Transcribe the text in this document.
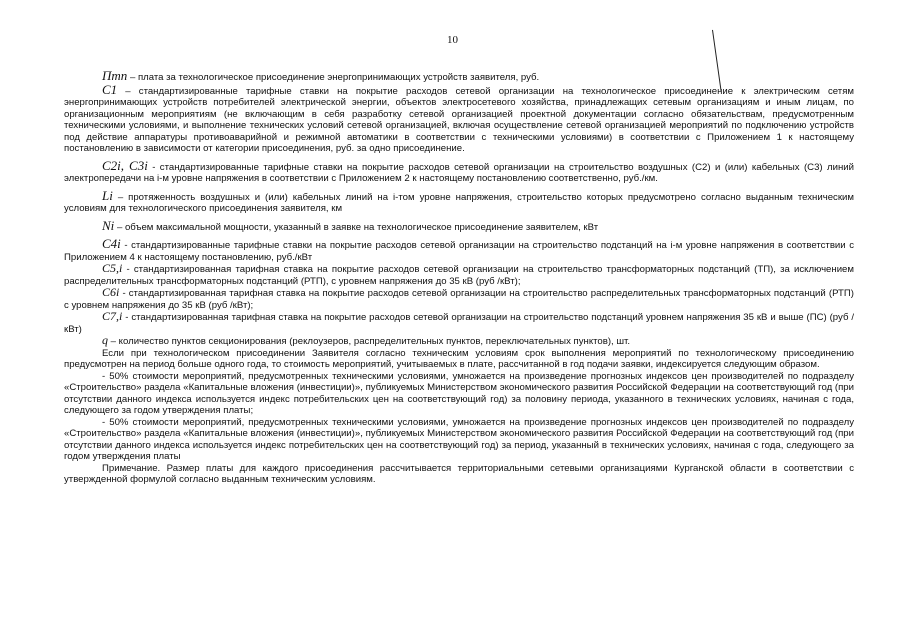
10

Птп – плата за технологическое присоединение энергопринимающих устройств заявителя, руб.

C1 – стандартизированные тарифные ставки на покрытие расходов сетевой организации на технологическое присоединение к электрическим сетям энергопринимающих устройств потребителей электрической энергии, объектов электросетевого хозяйства, принадлежащих сетевым организациям и иным лицам, по организационным мероприятиям (не включающим в себя разработку сетевой организацией проектной документации согласно обязательствам, предусмотренным техническими условиями, и выполнение технических условий сетевой организацией, включая осуществление сетевой организацией мероприятий по подключению устройств под действие аппаратуры противоаварийной и режимной автоматики в соответствии с техническими условиями) в соответствии с Приложением 1 к настоящему постановлению в зависимости от категории присоединения, руб. за одно присоединение.

C2i, C3i - стандартизированные тарифные ставки на покрытие расходов сетевой организации на строительство воздушных (С2) и (или) кабельных (С3) линий электропередачи на i-м уровне напряжения в соответствии с Приложением 2 к настоящему постановлению соответственно, руб./км.

Li – протяженность воздушных и (или) кабельных линий на i-том уровне напряжения, строительство которых предусмотрено согласно выданным техническим условиям для технологического присоединения заявителя, км

Ni – объем максимальной мощности, указанный в заявке на технологическое присоединение заявителем, кВт

C4i - стандартизированные тарифные ставки на покрытие расходов сетевой организации на строительство подстанций на i-м уровне напряжения в соответствии с Приложением 4 к настоящему постановлению, руб./кВт

C5,i - стандартизированная тарифная ставка на покрытие расходов сетевой организации на строительство трансформаторных подстанций (ТП), за исключением распределительных трансформаторных подстанций (РТП), с уровнем напряжения до 35 кВ (руб /кВт);

C6i - стандартизированная тарифная ставка на покрытие расходов сетевой организации на строительство распределительных трансформаторных подстанций (РТП) с уровнем напряжения до 35 кВ (руб /кВт);

C7,i - стандартизированная тарифная ставка на покрытие расходов сетевой организации на строительство подстанций уровнем напряжения 35 кВ и выше (ПС) (руб /кВт)

q – количество пунктов секционирования (реклоузеров, распределительных пунктов, переключательных пунктов), шт.

Если при технологическом присоединении Заявителя согласно техническим условиям срок выполнения мероприятий по технологическому присоединению предусмотрен на период больше одного года, то стоимость мероприятий, учитываемых в плате, рассчитанной в год подачи заявки, индексируется следующим образом.

- 50% стоимости мероприятий, предусмотренных техническими условиями, умножается на произведение прогнозных индексов цен производителей по подразделу «Строительство» раздела «Капитальные вложения (инвестиции)», публикуемых Министерством экономического развития Российской Федерации на соответствующий год (при отсутствии данного индекса используется индекс потребительских цен на соответствующий год) за половину периода, указанного в технических условиях, начиная с года, следующего за годом утверждения платы;

- 50% стоимости мероприятий, предусмотренных техническими условиями, умножается на произведение прогнозных индексов цен производителей по подразделу «Строительство» раздела «Капитальные вложения (инвестиции)», публикуемых Министерством экономического развития Российской Федерации на соответствующий год (при отсутствии данного индекса используется индекс потребительских цен на соответствующий год) за период, указанный в технических условиях, начиная с года, следующего за годом утверждения платы

Примечание. Размер платы для каждого присоединения рассчитывается территориальными сетевыми организациями Курганской области в соответствии с утвержденной формулой согласно выданным техническим условиям.
